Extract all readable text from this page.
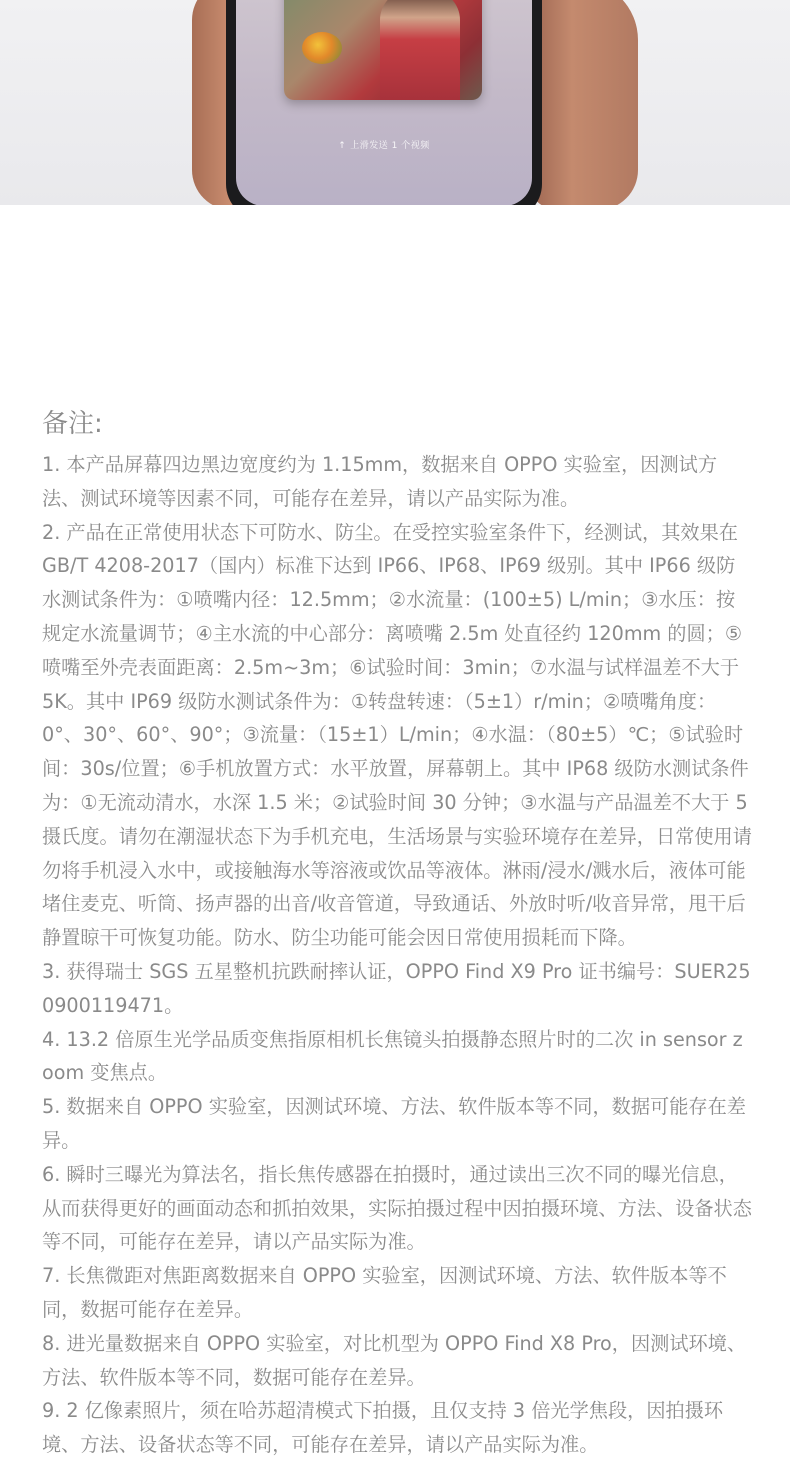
↑ 上滑发送 1 个视频
备注:

1. 本产品屏幕四边黑边宽度约为 1.15mm，数据来自 OPPO 实验室，因测试方法、测试环境等因素不同，可能存在差异，请以产品实际为准。

2. 产品在正常使用状态下可防水、防尘。在受控实验室条件下，经测试，其效果在 GB/T 4208-2017（国内）标准下达到 IP66、IP68、IP69 级别。其中 IP66 级防水测试条件为：①喷嘴内径：12.5mm；②水流量：(100±5) L/min；③水压：按规定水流量调节；④主水流的中心部分：离喷嘴 2.5m 处直径约 120mm 的圆；⑤喷嘴至外壳表面距离：2.5m~3m；⑥试验时间：3min；⑦水温与试样温差不大于 5K。其中 IP69 级防水测试条件为：①转盘转速：（5±1）r/min；②喷嘴角度：0°、30°、60°、90°；③流量：（15±1）L/min；④水温：（80±5）℃；⑤试验时间：30s/位置；⑥手机放置方式：水平放置，屏幕朝上。其中 IP68 级防水测试条件为：①无流动清水，水深 1.5 米；②试验时间 30 分钟；③水温与产品温差不大于 5 摄氏度。请勿在潮湿状态下为手机充电，生活场景与实验环境存在差异，日常使用请勿将手机浸入水中，或接触海水等溶液或饮品等液体。淋雨/浸水/溅水后，液体可能堵住麦克、听筒、扬声器的出音/收音管道，导致通话、外放时听/收音异常，甩干后静置晾干可恢复功能。防水、防尘功能可能会因日常使用损耗而下降。

3. 获得瑞士 SGS 五星整机抗跌耐摔认证，OPPO Find X9 Pro 证书编号：SUER250900119471。

4. 13.2 倍原生光学品质变焦指原相机长焦镜头拍摄静态照片时的二次 in sensor zoom 变焦点。

5. 数据来自 OPPO 实验室，因测试环境、方法、软件版本等不同，数据可能存在差异。

6. 瞬时三曝光为算法名，指长焦传感器在拍摄时，通过读出三次不同的曝光信息，从而获得更好的画面动态和抓拍效果，实际拍摄过程中因拍摄环境、方法、设备状态等不同，可能存在差异，请以产品实际为准。

7. 长焦微距对焦距离数据来自 OPPO 实验室，因测试环境、方法、软件版本等不同，数据可能存在差异。

8. 进光量数据来自 OPPO 实验室，对比机型为 OPPO Find X8 Pro，因测试环境、方法、软件版本等不同，数据可能存在差异。

9. 2 亿像素照片，须在哈苏超清模式下拍摄，且仅支持 3 倍光学焦段，因拍摄环境、方法、设备状态等不同，可能存在差异，请以产品实际为准。
